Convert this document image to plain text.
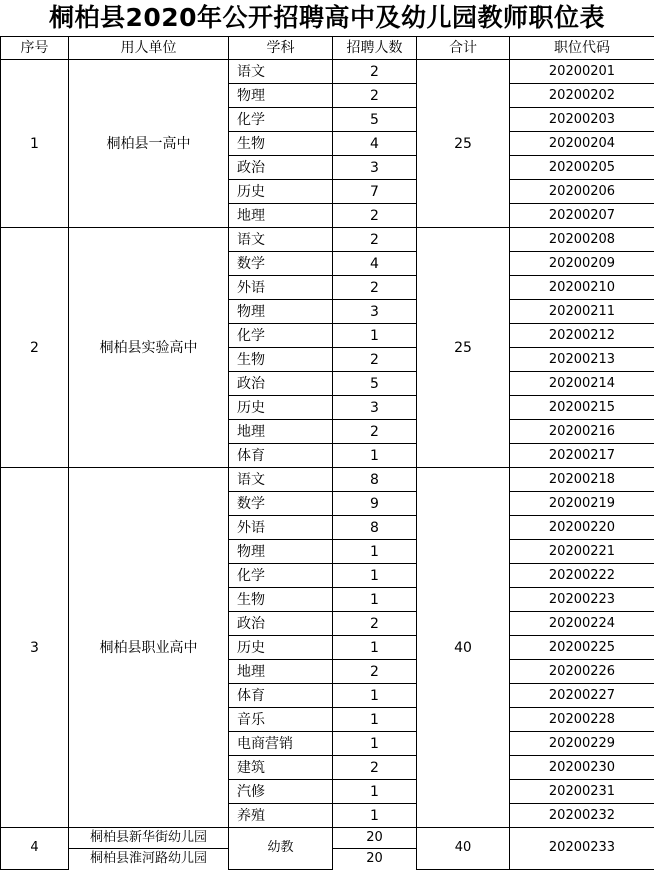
桐柏县2020年公开招聘高中及幼儿园教师职位表
序号	用人单位	学科	招聘人数	合计	职位代码
1	桐柏县一高中	语文	2	25	20200201
		物理	2		20200202
		化学	5		20200203
		生物	4		20200204
		政治	3		20200205
		历史	7		20200206
		地理	2		20200207
2	桐柏县实验高中	语文	2	25	20200208
		数学	4		20200209
		外语	2		20200210
		物理	3		20200211
		化学	1		20200212
		生物	2		20200213
		政治	5		20200214
		历史	3		20200215
		地理	2		20200216
		体育	1		20200217
3	桐柏县职业高中	语文	8	40	20200218
		数学	9		20200219
		外语	8		20200220
		物理	1		20200221
		化学	1		20200222
		生物	1		20200223
		政治	2		20200224
		历史	1		20200225
		地理	2		20200226
		体育	1		20200227
		音乐	1		20200228
		电商营销	1		20200229
		建筑	2		20200230
		汽修	1		20200231
		养殖	1		20200232
4	桐柏县新华街幼儿园	幼教	20	40	20200233
	桐柏县淮河路幼儿园		20		
